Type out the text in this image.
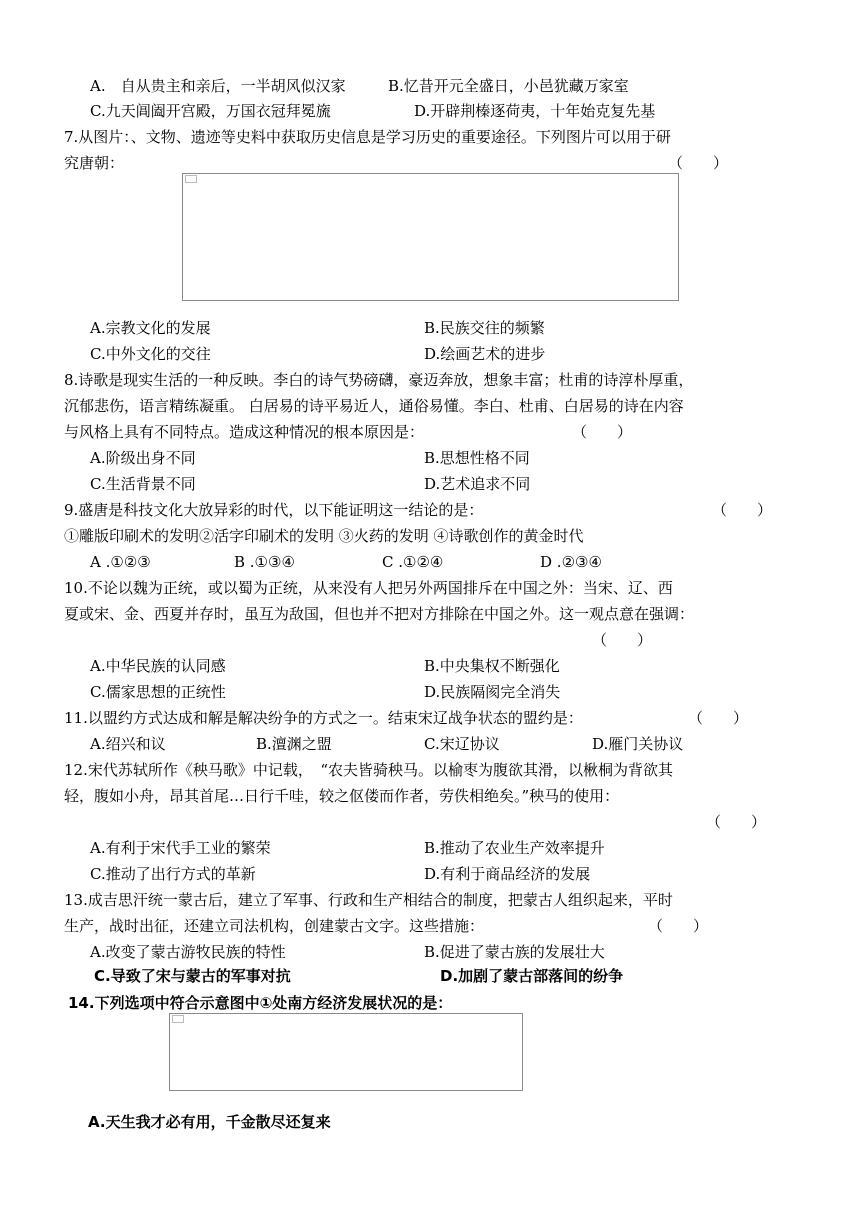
A.　自从贵主和亲后，一半胡风似汉家	B.忆昔开元全盛日，小邑犹藏万家室
C.九天阊阖开宫殿，万国衣冠拜冕旒	D.开辟荆榛逐荷夷，十年始克复先基
7.从图片：、文物、遗迹等史料中获取历史信息是学习历史的重要途径。下列图片可以用于研
究唐朝：	（　　）
A.宗教文化的发展	B.民族交往的频繁
C.中外文化的交往	D.绘画艺术的进步
8.诗歌是现实生活的一种反映。李白的诗气势磅礴，豪迈奔放，想象丰富；杜甫的诗淳朴厚重，
沉郁悲伤，语言精练凝重。 白居易的诗平易近人，通俗易懂。李白、杜甫、白居易的诗在内容
与风格上具有不同特点。造成这种情况的根本原因是：	（　　）
A.阶级出身不同	B.思想性格不同
C.生活背景不同	D.艺术追求不同
9.盛唐是科技文化大放异彩的时代，以下能证明这一结论的是：	（　　）
①雕版印刷术的发明②活字印刷术的发明 ③火药的发明 ④诗歌创作的黄金时代
A .①②③	B .①③④	C .①②④	D .②③④
10.不论以魏为正统，或以蜀为正统，从来没有人把另外两国排斥在中国之外：当宋、辽、西
夏或宋、金、西夏并存时，虽互为敌国，但也并不把对方排除在中国之外。这一观点意在强调：
（　　）
A.中华民族的认同感	B.中央集权不断强化
C.儒家思想的正统性	D.民族隔阂完全消失
11.以盟约方式达成和解是解决纷争的方式之一。结束宋辽战争状态的盟约是：	（　　）
A.绍兴和议	B.澶渊之盟	C.宋辽协议	D.雁门关协议
12.宋代苏轼所作《秧马歌》中记载，　“农夫皆骑秧马。以榆枣为腹欲其滑，以楸桐为背欲其
轻，腹如小舟，昂其首尾…日行千哇，较之伛偻而作者，劳佚相绝矣。”秧马的使用：
（　　）
A.有利于宋代手工业的繁荣	B.推动了农业生产效率提升
C.推动了出行方式的革新	D.有利于商品经济的发展
13.成吉思汗统一蒙古后，建立了军事、行政和生产相结合的制度，把蒙古人组织起来，平时
生产，战时出征，还建立司法机构，创建蒙古文字。这些措施：	（　　）
A.改变了蒙古游牧民族的特性	B.促进了蒙古族的发展壮大
C.导致了宋与蒙古的军事对抗	D.加剧了蒙古部落间的纷争
14.下列选项中符合示意图中①处南方经济发展状况的是：
A.天生我才必有用，千金散尽还复来
